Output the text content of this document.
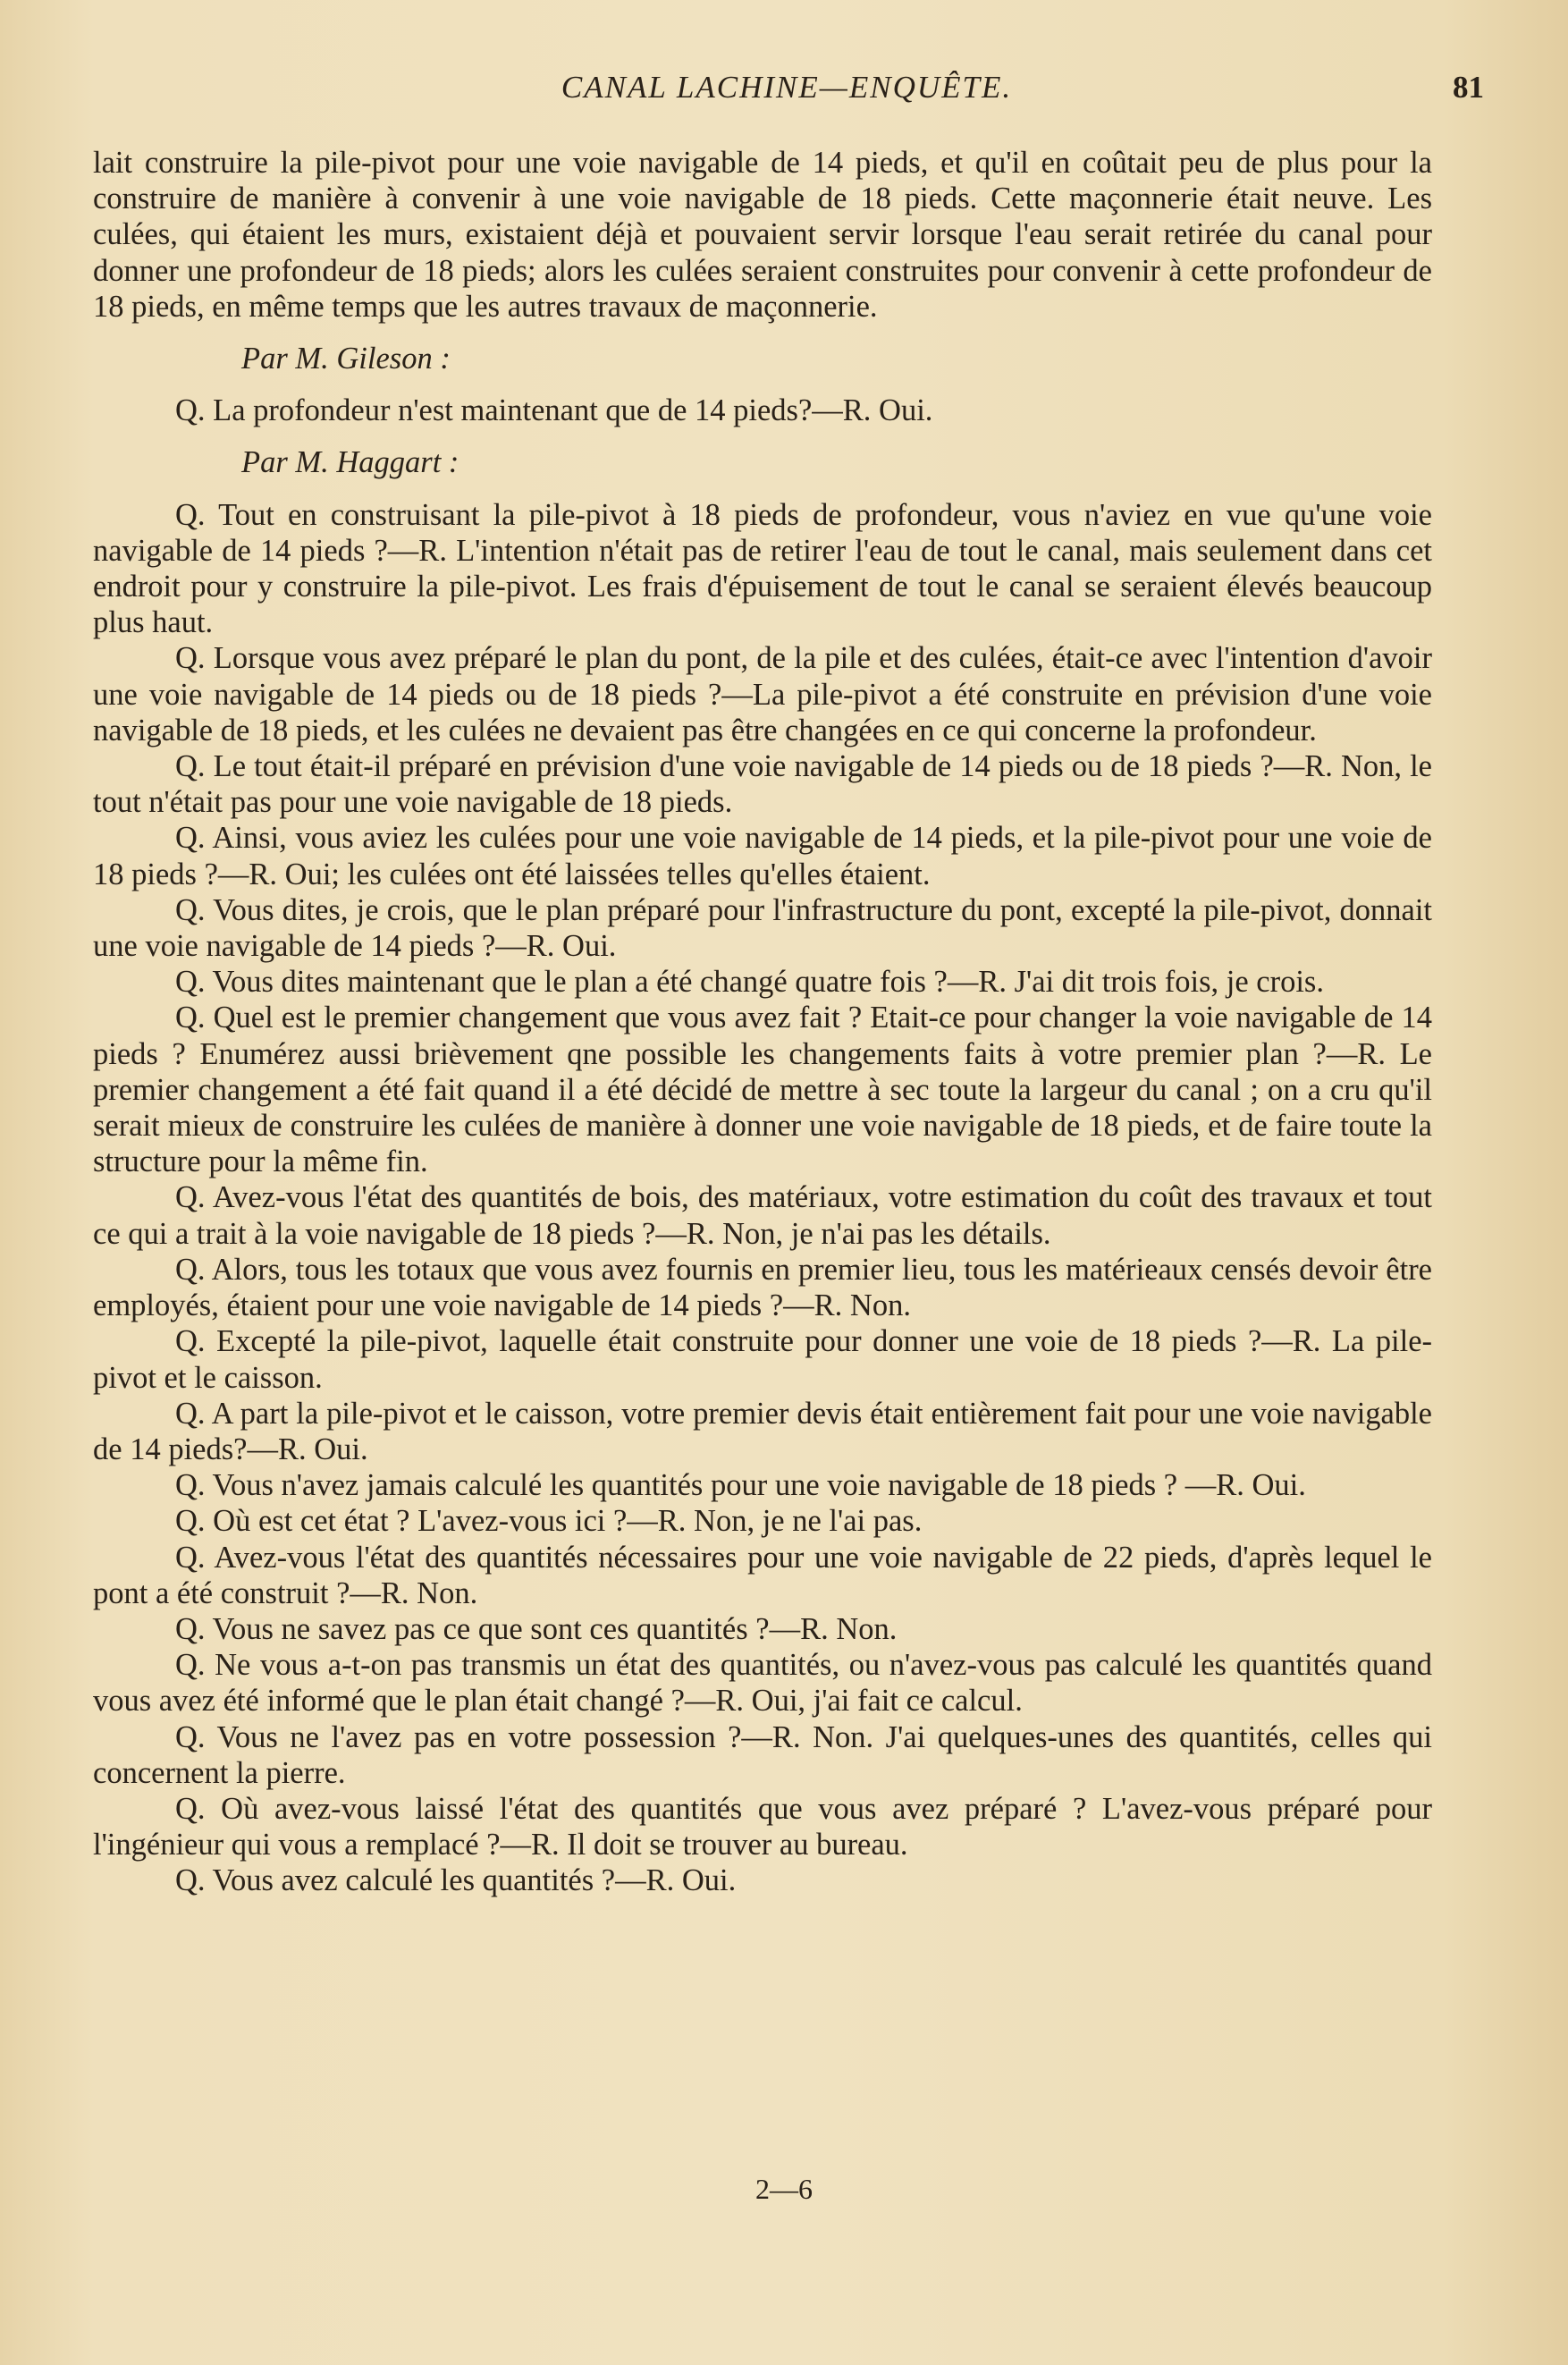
CANAL LACHINE—ENQUÊTE.	81

lait construire la pile-pivot pour une voie navigable de 14 pieds, et qu'il en coûtait peu de plus pour la construire de manière à convenir à une voie navigable de 18 pieds. Cette maçonnerie était neuve. Les culées, qui étaient les murs, existaient déjà et pouvaient servir lorsque l'eau serait retirée du canal pour donner une profondeur de 18 pieds; alors les culées seraient construites pour convenir à cette profondeur de 18 pieds, en même temps que les autres travaux de maçonnerie.

Par M. Gileson :

Q. La profondeur n'est maintenant que de 14 pieds?—R. Oui.

Par M. Haggart :

Q. Tout en construisant la pile-pivot à 18 pieds de profondeur, vous n'aviez en vue qu'une voie navigable de 14 pieds ?—R. L'intention n'était pas de retirer l'eau de tout le canal, mais seulement dans cet endroit pour y construire la pile-pivot. Les frais d'épuisement de tout le canal se seraient élevés beaucoup plus haut.

Q. Lorsque vous avez préparé le plan du pont, de la pile et des culées, était-ce avec l'intention d'avoir une voie navigable de 14 pieds ou de 18 pieds ?—La pile-pivot a été construite en prévision d'une voie navigable de 18 pieds, et les culées ne devaient pas être changées en ce qui concerne la profondeur.

Q. Le tout était-il préparé en prévision d'une voie navigable de 14 pieds ou de 18 pieds ?—R. Non, le tout n'était pas pour une voie navigable de 18 pieds.

Q. Ainsi, vous aviez les culées pour une voie navigable de 14 pieds, et la pile-pivot pour une voie de 18 pieds ?—R. Oui; les culées ont été laissées telles qu'elles étaient.

Q. Vous dites, je crois, que le plan préparé pour l'infrastructure du pont, excepté la pile-pivot, donnait une voie navigable de 14 pieds ?—R. Oui.

Q. Vous dites maintenant que le plan a été changé quatre fois ?—R. J'ai dit trois fois, je crois.

Q. Quel est le premier changement que vous avez fait ? Etait-ce pour changer la voie navigable de 14 pieds ? Enumérez aussi brièvement qne possible les changements faits à votre premier plan ?—R. Le premier changement a été fait quand il a été décidé de mettre à sec toute la largeur du canal ; on a cru qu'il serait mieux de construire les culées de manière à donner une voie navigable de 18 pieds, et de faire toute la structure pour la même fin.

Q. Avez-vous l'état des quantités de bois, des matériaux, votre estimation du coût des travaux et tout ce qui a trait à la voie navigable de 18 pieds ?—R. Non, je n'ai pas les détails.

Q. Alors, tous les totaux que vous avez fournis en premier lieu, tous les matérieaux censés devoir être employés, étaient pour une voie navigable de 14 pieds ?—R. Non.

Q. Excepté la pile-pivot, laquelle était construite pour donner une voie de 18 pieds ?—R. La pile-pivot et le caisson.

Q. A part la pile-pivot et le caisson, votre premier devis était entièrement fait pour une voie navigable de 14 pieds?—R. Oui.

Q. Vous n'avez jamais calculé les quantités pour une voie navigable de 18 pieds ? —R. Oui.

Q. Où est cet état ? L'avez-vous ici ?—R. Non, je ne l'ai pas.

Q. Avez-vous l'état des quantités nécessaires pour une voie navigable de 22 pieds, d'après lequel le pont a été construit ?—R. Non.

Q. Vous ne savez pas ce que sont ces quantités ?—R. Non.

Q. Ne vous a-t-on pas transmis un état des quantités, ou n'avez-vous pas calculé les quantités quand vous avez été informé que le plan était changé ?—R. Oui, j'ai fait ce calcul.

Q. Vous ne l'avez pas en votre possession ?—R. Non. J'ai quelques-unes des quantités, celles qui concernent la pierre.

Q. Où avez-vous laissé l'état des quantités que vous avez préparé ? L'avez-vous préparé pour l'ingénieur qui vous a remplacé ?—R. Il doit se trouver au bureau.

Q. Vous avez calculé les quantités ?—R. Oui.

2—6
